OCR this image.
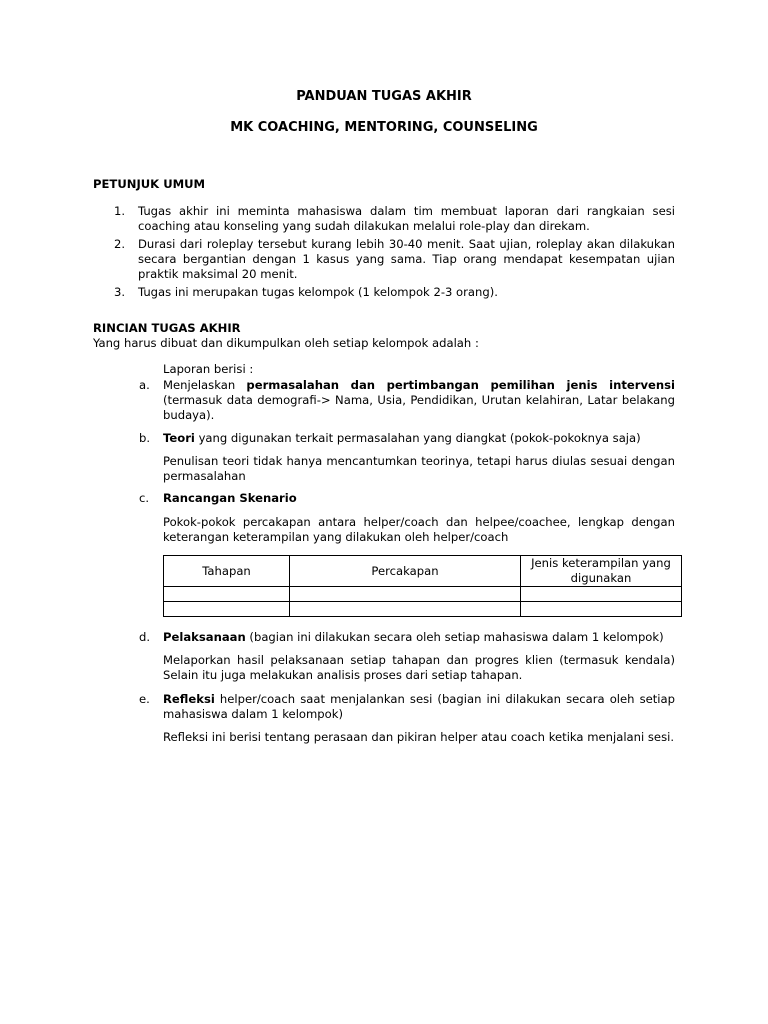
PANDUAN TUGAS AKHIR
MK COACHING, MENTORING, COUNSELING
PETUNJUK UMUM
1. Tugas akhir ini meminta mahasiswa dalam tim membuat laporan dari rangkaian sesi coaching atau konseling yang sudah dilakukan melalui role-play dan direkam.
2. Durasi dari roleplay tersebut kurang lebih 30-40 menit. Saat ujian, roleplay akan dilakukan secara bergantian dengan 1 kasus yang sama. Tiap orang mendapat kesempatan ujian praktik maksimal 20 menit.
3. Tugas ini merupakan tugas kelompok (1 kelompok 2-3 orang).
RINCIAN TUGAS AKHIR
Yang harus dibuat dan dikumpulkan oleh setiap kelompok adalah :
Laporan berisi :
a. Menjelaskan permasalahan dan pertimbangan pemilihan jenis intervensi (termasuk data demografi-> Nama, Usia, Pendidikan, Urutan kelahiran, Latar belakang budaya).
b. Teori yang digunakan terkait permasalahan yang diangkat (pokok-pokoknya saja)
Penulisan teori tidak hanya mencantumkan teorinya, tetapi harus diulas sesuai dengan permasalahan
c. Rancangan Skenario
Pokok-pokok percakapan antara helper/coach dan helpee/coachee, lengkap dengan keterangan keterampilan yang dilakukan oleh helper/coach
Tahapan	Percakapan	Jenis keterampilan yang digunakan

d. Pelaksanaan (bagian ini dilakukan secara oleh setiap mahasiswa dalam 1 kelompok)
Melaporkan hasil pelaksanaan setiap tahapan dan progres klien (termasuk kendala) Selain itu juga melakukan analisis proses dari setiap tahapan.
e. Refleksi helper/coach saat menjalankan sesi (bagian ini dilakukan secara oleh setiap mahasiswa dalam 1 kelompok)
Refleksi ini berisi tentang perasaan dan pikiran helper atau coach ketika menjalani sesi.
